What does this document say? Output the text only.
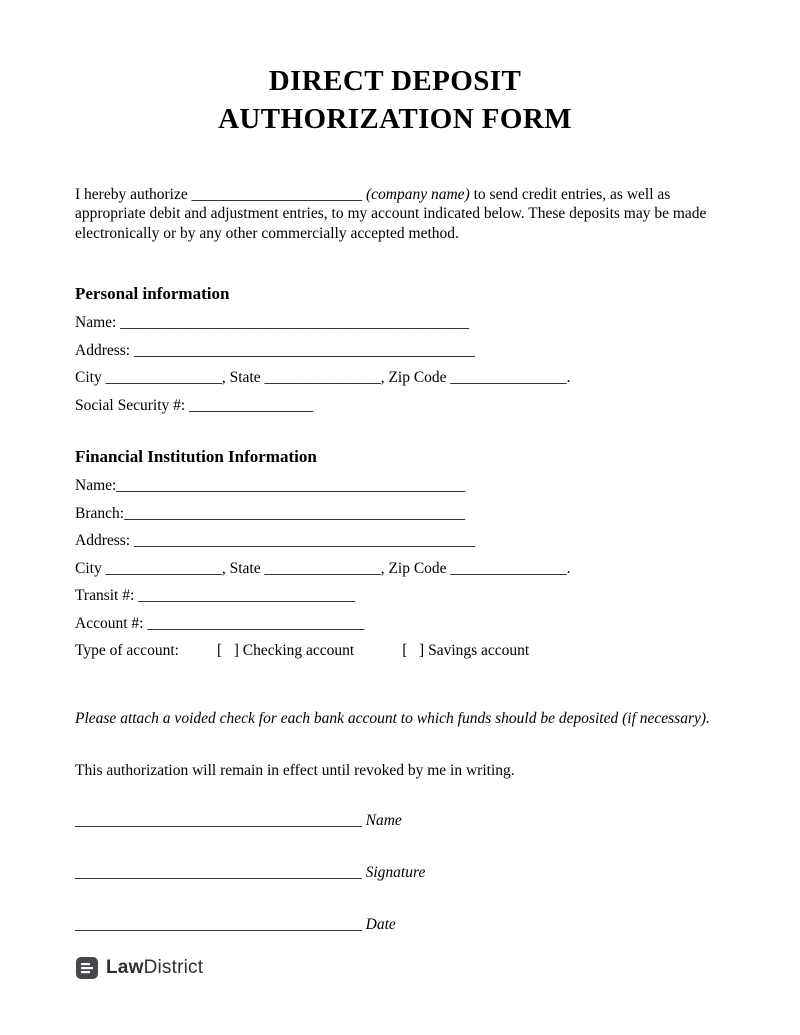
DIRECT DEPOSIT
AUTHORIZATION FORM

I hereby authorize ______________________ (company name) to send credit entries, as well as appropriate debit and adjustment entries, to my account indicated below. These deposits may be made electronically or by any other commercially accepted method.

Personal information
Name: _____________________________________________
Address: ____________________________________________
City _______________, State _______________, Zip Code _______________.
Social Security #: ________________
Financial Institution Information
Name:_____________________________________________
Branch:____________________________________________
Address: ____________________________________________
City _______________, State _______________, Zip Code _______________.
Transit #: ____________________________
Account #: ____________________________
Type of account: [   ] Checking account	[   ] Savings account

Please attach a voided check for each bank account to which funds should be deposited (if necessary).

This authorization will remain in effect until revoked by me in writing.

_____________________________________ Name
_____________________________________ Signature
_____________________________________ Date
LawDistrict
